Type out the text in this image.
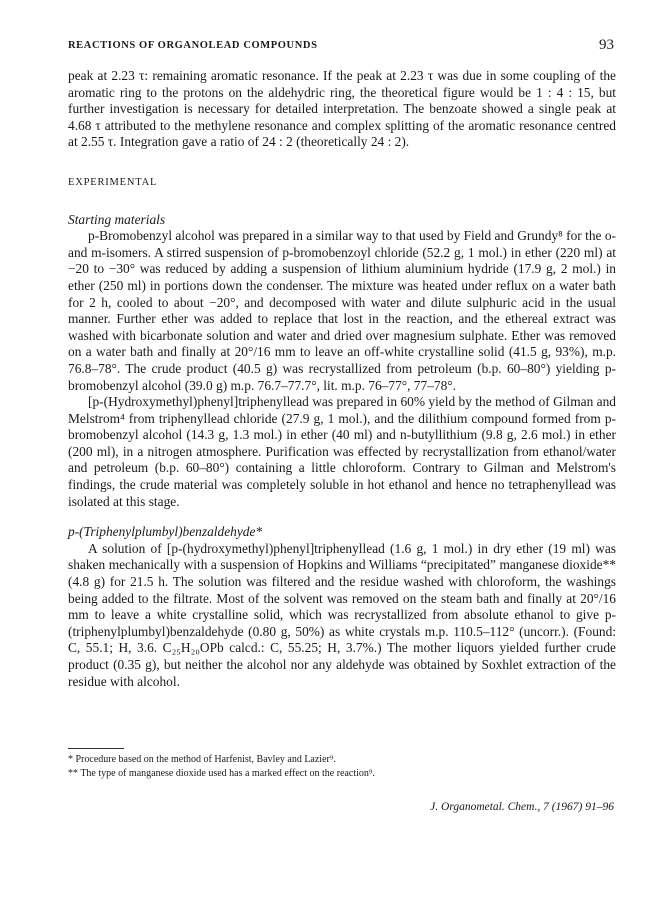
REACTIONS OF ORGANOLEAD COMPOUNDS	93

peak at 2.23 τ: remaining aromatic resonance. If the peak at 2.23 τ was due in some coupling of the aromatic ring to the protons on the aldehydric ring, the theoretical figure would be 1 : 4 : 15, but further investigation is necessary for detailed interpretation. The benzoate showed a single peak at 4.68 τ attributed to the methylene resonance and complex splitting of the aromatic resonance centred at 2.55 τ. Integration gave a ratio of 24 : 2 (theoretically 24 : 2).

EXPERIMENTAL

Starting materials

p-Bromobenzyl alcohol was prepared in a similar way to that used by Field and Grundy⁸ for the o- and m-isomers. A stirred suspension of p-bromobenzoyl chloride (52.2 g, 1 mol.) in ether (220 ml) at −20 to −30° was reduced by adding a suspension of lithium aluminium hydride (17.9 g, 2 mol.) in ether (250 ml) in portions down the condenser. The mixture was heated under reflux on a water bath for 2 h, cooled to about −20°, and decomposed with water and dilute sulphuric acid in the usual manner. Further ether was added to replace that lost in the reaction, and the ethereal extract was washed with bicarbonate solution and water and dried over magnesium sulphate. Ether was removed on a water bath and finally at 20°/16 mm to leave an off-white crystalline solid (41.5 g, 93%), m.p. 76.8–78°. The crude product (40.5 g) was recrystallized from petroleum (b.p. 60–80°) yielding p-bromobenzyl alcohol (39.0 g) m.p. 76.7–77.7°, lit. m.p. 76–77°, 77–78°.

[p-(Hydroxymethyl)phenyl]triphenyllead was prepared in 60% yield by the method of Gilman and Melstrom⁴ from triphenyllead chloride (27.9 g, 1 mol.), and the dilithium compound formed from p-bromobenzyl alcohol (14.3 g, 1.3 mol.) in ether (40 ml) and n-butyllithium (9.8 g, 2.6 mol.) in ether (200 ml), in a nitrogen atmosphere. Purification was effected by recrystallization from ethanol/water and petroleum (b.p. 60–80°) containing a little chloroform. Contrary to Gilman and Melstrom's findings, the crude material was completely soluble in hot ethanol and hence no tetraphenyllead was isolated at this stage.

p-(Triphenylplumbyl)benzaldehyde*

A solution of [p-(hydroxymethyl)phenyl]triphenyllead (1.6 g, 1 mol.) in dry ether (19 ml) was shaken mechanically with a suspension of Hopkins and Williams “precipitated” manganese dioxide** (4.8 g) for 21.5 h. The solution was filtered and the residue washed with chloroform, the washings being added to the filtrate. Most of the solvent was removed on the steam bath and finally at 20°/16 mm to leave a white crystalline solid, which was recrystallized from absolute ethanol to give p-(triphenylplumbyl)benzaldehyde (0.80 g, 50%) as white crystals m.p. 110.5–112° (uncorr.). (Found: C, 55.1; H, 3.6. C₂₅H₂₀OPb calcd.: C, 55.25; H, 3.7%.) The mother liquors yielded further crude product (0.35 g), but neither the alcohol nor any aldehyde was obtained by Soxhlet extraction of the residue with alcohol.

* Procedure based on the method of Harfenist, Bavley and Lazier⁹.
** The type of manganese dioxide used has a marked effect on the reaction⁹.
J. Organometal. Chem., 7 (1967) 91–96
